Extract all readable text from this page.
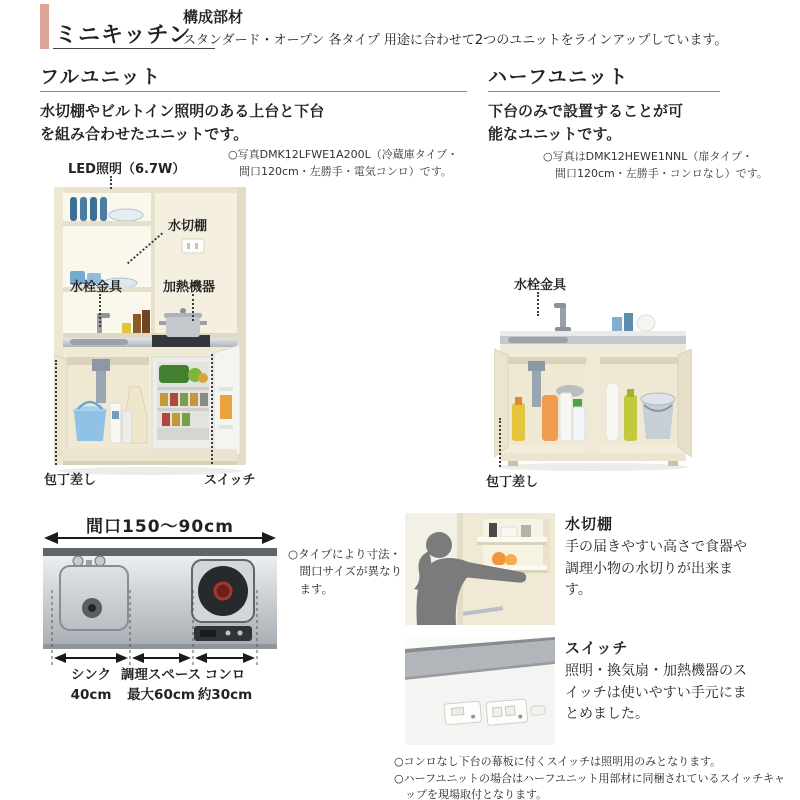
ミニキッチン
構成部材
スタンダード・オープン 各タイプ 用途に合わせて2つのユニットをラインアップしています。
フルユニット
水切棚やビルトイン照明のある上台と下台を組み合わせたユニットです。
○写真DMK12LFWE1A200L（冷蔵庫タイプ・
間口120cm・左勝手・電気コンロ）です。
LED照明（6.7W）
水切棚
水栓金具	加熱機器
包丁差し	スイッチ
ハーフユニット
下台のみで設置することが可能なユニットです。
○写真はDMK12HEWE1NNL（扉タイプ・
間口120cm・左勝手・コンロなし）です。
水栓金具
包丁差し
間口150〜90cm
シンク
40cm
調理スペース
最大60cm
コンロ
約30cm
○タイプにより寸法・間口サイズが異なります。
水切棚
手の届きやすい高さで食器や調理小物の水切りが出来ます。
スイッチ
照明・換気扇・加熱機器のスイッチは使いやすい手元にまとめました。
○コンロなし下台の幕板に付くスイッチは照明用のみとなります。
○ハーフユニットの場合はハーフユニット用部材に同梱されているスイッチキャップを現場取付となります。
